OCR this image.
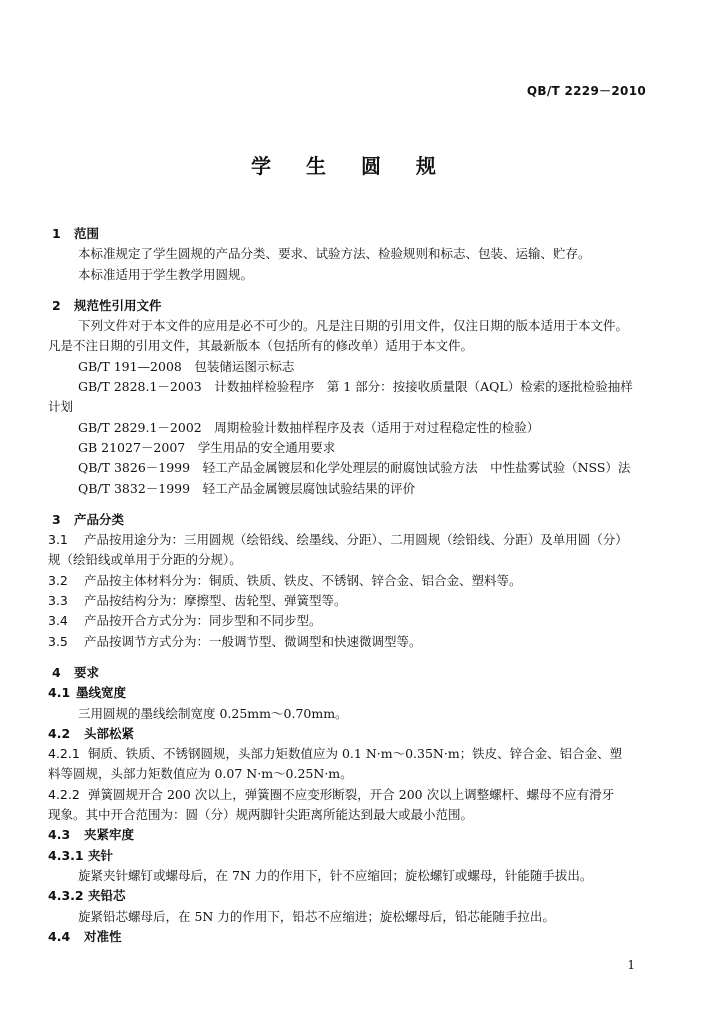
QB/T 2229－2010
学 生 圆 规
1 范围
本标准规定了学生圆规的产品分类、要求、试验方法、检验规则和标志、包装、运输、贮存。
本标准适用于学生教学用圆规。
2 规范性引用文件
下列文件对于本文件的应用是必不可少的。凡是注日期的引用文件，仅注日期的版本适用于本文件。
凡是不注日期的引用文件，其最新版本（包括所有的修改单）适用于本文件。
GB/T 191—2008　包装储运图示标志
GB/T 2828.1－2003　计数抽样检验程序　第 1 部分：按接收质量限（AQL）检索的逐批检验抽样
计划
GB/T 2829.1－2002　周期检验计数抽样程序及表（适用于对过程稳定性的检验）
GB 21027－2007　学生用品的安全通用要求
QB/T 3826－1999　轻工产品金属镀层和化学处理层的耐腐蚀试验方法　中性盐雾试验（NSS）法
QB/T 3832－1999　轻工产品金属镀层腐蚀试验结果的评价
3 产品分类
3.1 产品按用途分为：三用圆规（绘铅线、绘墨线、分距）、二用圆规（绘铅线、分距）及单用圆（分）
规（绘铅线或单用于分距的分规）。
3.2 产品按主体材料分为：铜质、铁质、铁皮、不锈钢、锌合金、铝合金、塑料等。
3.3 产品按结构分为：摩擦型、齿轮型、弹簧型等。
3.4 产品按开合方式分为：同步型和不同步型。
3.5 产品按调节方式分为：一般调节型、微调型和快速微调型等。
4 要求
4.1 墨线宽度
三用圆规的墨线绘制宽度 0.25mm～0.70mm。
4.2 头部松紧
4.2.1 铜质、铁质、不锈钢圆规，头部力矩数值应为 0.1 N·m～0.35N·m；铁皮、锌合金、铝合金、塑
料等圆规，头部力矩数值应为 0.07 N·m～0.25N·m。
4.2.2 弹簧圆规开合 200 次以上，弹簧圈不应变形断裂，开合 200 次以上调整螺杆、螺母不应有滑牙
现象。其中开合范围为：圆（分）规两脚针尖距离所能达到最大或最小范围。
4.3 夹紧牢度
4.3.1 夹针
旋紧夹针螺钉或螺母后，在 7N 力的作用下，针不应缩回；旋松螺钉或螺母，针能随手拔出。
4.3.2 夹铅芯
旋紧铅芯螺母后，在 5N 力的作用下，铅芯不应缩进；旋松螺母后，铅芯能随手拉出。
4.4 对准性
1
